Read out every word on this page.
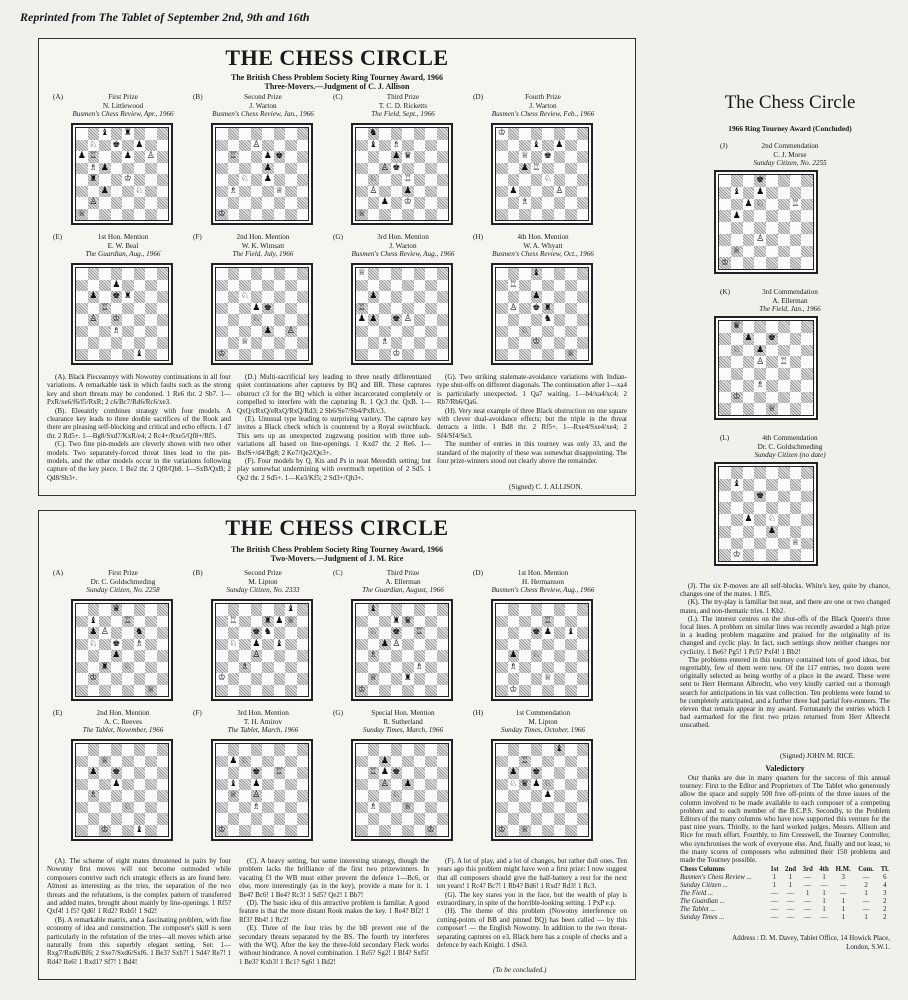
Reprinted from The Tablet of September 2nd, 9th and 16th
THE CHESS CIRCLE
The British Chess Problem Society Ring Tourney Award, 1966
Three-Movers.—Judgment of C. J. Allison

(A). Black Pieceannyy with Nowotny continuations in all four variations. A remarkable task in which faults such as the strong key and short threats may be condoned. 1 Re6 thr. 2 Sb7. 1—PxR/xe6/f6/f5/RxR; 2 c6/Bc7/Rd6/Rc6/xe3.

(B). Eleeantly combines strategy with four models. A clearance key leads to three double sacrifices of the Rook and there are pleasing self-blocking and critical and echo effects. 1 d7 thr. 2 Rd5+. 1—Bg8/Sxd7/KxR/e4; 2 Rc4+/Rxe5/Qf8+/Rf5.

(C). Two fine pin-models are cleverly shown with two other models. Two separately-forced threat lines lead to the pin-models, and the other models occur in the variations following capture of the key piece. 1 Be2 thr. 2 Qf8/Qb8. 1—SxB/QxB; 2 Qd8/Sb3+.

(D.) Multi-sacrificial key leading to three neatly differentiated quiet continuations after captures by BQ and BR. These captures obstruct c3 for the BQ which is either incarcerated completely or compelled to interfere with the capturing R. 1 Qc3 thr. QxB. 1—QxQ/cRxQ/eRxQ/RxQ/Rd3; 2 Sb6/Se7/Sb4/PxR/c3.

(E). Unusual type leading to surprising variety. The capture key invites a Black check which is countered by a Royal switchback. This sets up an unexpected zugzwang position with three sub-variations all based on line-openings. 1 Kxd7 thr. 2 Re6. 1—BxfS+/d4/Bg8; 2 Ke7/Qe2/Qe3+.

(F). Four models by Q, Kts and Ps in neat Meredith setting; but play somewhat undermining with overmuch repetition of 2 Sd5. 1 Qe2 thr. 2 Sd5+. 1—Ke3/Kf5; 2 Sd3+/Qh3+.

(G). Two striking stalemate-avoidance variations with Indian-type shut-offs on different diagonals. The continuation after 1—xa4 is particularly unexpected. 1 Qa7 waiting. 1—b4/xa4/xc4; 2 Rb7/Rb6/Qa6.

(H). Very neat example of three Black obstruction on one square with clever dual-avoidance effects; but the triple in the threat detracts a little. 1 Bd8 thr. 2 Rf5+. 1—Rxe4/Sxe4/xe4; 2 Sf4/Sf4/Se3.

The number of entries in this tourney was only 33, and the standard of the majority of these was somewhat disappointing. The four prize-winners stood out clearly above the remainder.

(Signed) C. J. ALLISON.
(A)	First Prize
N. Littlewood
Busmen's Chess Review, Apr., 1966
♝ ♜
♘ ♚ ♟
♟ ♖	♟ ♙
♗ ♟
♜	♔
♟	♘
♙
♕
(B)	Second Prize
J. Warton
Busmen's Chess Review, Jan., 1966
♙
♖	♟ ♚
♟
♘ ♟
♗	♕
♔
(C)	Third Prize
T. C. D. Ricketts
The Field, Sept., 1966
♞
♝ ♗
♟ ♛
♙ ♚
♘	♖
♙	♟
♟ ♔
♕
(D)	Fourth Prize
J. Warton
Busmen's Chess Review, Feb., 1966
♔
♝ ♟
♕ ♚
♟ ♖
♘
♟	♙
♗
(E)	1st Hon. Mention
E. W. Beal
The Guardian, Aug., 1966
♟
♟ ♚ ♜
♖
♙ ♔
♗
♝
(F)	2nd Hon. Mention
W. K. Wimsatt
The Field, July, 1966
♘
♟ ♚
♘
♟ ♙
♕
♔
(G)	3rd Hon. Mention
J. Warton
Busmen's Chess Review, Aug., 1966
♕
♟
♖
♟ ♟ ♚ ♙
♗
♔
(H)	4th Hon. Mention
W. A. Whyatt
Busmen's Chess Review, Oct., 1966
♝
♖
♟
♙ ♚ ♜
♞
♘
♔
♕
THE CHESS CIRCLE
The British Chess Problem Society Ring Tourney Award, 1966
Two-Movers.—Judgment of J. M. Rice

(A). The scheme of eight mates threatened in pairs by four Nowotny first moves will not become outmoded while composers contrive such rich strategic effects as are found here. Almost as interesting as the tries, the separation of the two threats and the refutations, is the complex pattern of transferred and added mates, brought about mainly by line-openings. 1 Rf5? Qxf4! 1 f5? Qd6! 1 Rd2? Rxb5! 1 Sd2!

(B). A remarkable matrix, and a fascinating problem, with fine economy of idea and construction. The composer's skill is seen particularly in the refutation of the tries—all moves which arise naturally from this superbly elegant setting. Set: 1—Rxg7/Rxd6/Bf6; 2 Sxe7/Sxd6/Sxf6. 1 Be3? Sxh7! 1 Sd4? Re7! 1 Rd4? Re6! 1 Rxd1? Sf7! 1 Bd4!

(C). A heavy setting, but some interesting strategy, though the problem lacks the brilliance of the first two prizewinners. In vacating f3 the WB must either prevent the defence 1—Bc6, or else, more interestingly (as in the key), provide a mate for it. 1 Be4? Bc6! 1 Be4? Rc3! 1 Sd5? Qe2! 1 Bb7!

(D). The basic idea of this attractive problem is familiar. A good feature is that the more distant Rook makes the key. 1 Re4? Bf2! 1 Rf3? Bb4! 1 Rc2!

(E). Three of the four tries by the bB prevent one of the secondary threats separated by the BS. The fourth try interferes with the WQ. After the key the three-fold secondary Fleck works without hindrance. A novel combination. 1 Re5? Sg2! 1 Bf4? Sxf5! 1 Be3? Kxh3! 1 Bc1? Sg6! 1 Bd2!

(F). A lot of play, and a lot of changes, but rather dull ones. Ten years ago this problem might have won a first prize: I now suggest that all composers should give the half-battery a rest for the next ten years! 1 Rc4? Bc7! 1 Rb4? Bd6! 1 Rxd? Rd3! 1 Rc3.

(G). The key stares you in the face, but the wealth of play is extraordinary, in spite of the horrible-looking setting. 1 PxP e.p.

(H). The theme of this problem (Nowotny interference on cutting-points of BB and pinned BQ) has been called — by this composer! — the English Nowotny. In addition to the two threat-separating captures on e3, Black here has a couple of checks and a defence by each Knight. 1 dSe3.

(To be concluded.)
(A)	First Prize
Dr. C. Goldschmeding
Sunday Citizen, No. 2258
♛
♝	♖
♟ ♙	♞
♘ ♚ ♗
♟
♜ ♘
♔
♕
(B)	Second Prize
M. Lipton
Sunday Citizen, No. 2333
♝
♖	♜ ♟ ♕
♚ ♞
♘ ♟ ♝
♙
♗
♔
(C)	Third Prize
A. Ellerman
The Guardian, August, 1966
♝
♜ ♛
♘ ♚ ♖
♟ ♙
♗
♗
♕	♜
♔
(D)	1st Hon. Mention
H. Hermanson
Busmen's Chess Review, Aug., 1966
♖
♚ ♟ ♝
♟ ♘
♗
♕
♔
(E)	2nd Hon. Mention
A. C. Reeves
The Tablet, November, 1966
♕
♟ ♚
♟
♗
♘
♔	♝
(F)	3rd Hon. Mention
T. H. Amirov
The Tablet, March, 1966
♟ ♘
♚ ♖
♝ ♟
♕ ♙
♗
♔
(G)	Special Hon. Mention
R. Sutherland
Sunday Times, March, 1966
♟
♖ ♟ ♚
♙ ♟
♘
♗	♕
♔
(H)	1st Commendation
M. Lipton
Sunday Times, October, 1966
♝
♖
♟ ♚
♘ ♛ ♟ ♘
♟
♔ ♕
The Chess Circle
1966 Ring Tourney Award (Concluded)

(J). The six P-moves are all self-blocks. White's key, quite by chance, changes one of the mates. 1 Rf5.

(K). The try-play is familiar but neat, and there are one or two changed mates, and non-thematic tries. 1 Kb2.

(L). The interest centres on the shut-offs of the Black Queen's three focal lines. A problem on similar lines was recently awarded a high prize in a leading problem magazine and praised for the originality of its changed and cyclic play. In fact, such settings show neither changes nor cyclicity. 1 Be6? Pg5! 1 Pc5? Pxf4! 1 Bb2!

The problems entered in this tourney contained lots of good ideas, but regrettably, few of them were new. Of the 117 entries, two dozen were originally selected as being worthy of a place in the award. These were sent to Herr Hermann Albrecht, who very kindly carried out a thorough search for anticipations in his vast collection. Ten problems were found to be completely anticipated, and a further three had partial fore-runners. The eleven that remain appear in my award. Fortunately the entries which I had earmarked for the first two prizes returned from Herr Albrecht unscathed.

(Signed) JOHN M. RICE.
Valedictory

Our thanks are due in many quarters for the success of this annual tourney: First to the Editor and Proprietors of The Tablet who generously allow the space and supply 500 free off-prints of the three issues of the column involved to be made available to each composer of a competing problem and to each member of the B.C.P.S. Secondly, to the Problem Editors of the many columns who have now supported this venture for the past nine years. Thirdly, to the hard worked judges, Messrs. Allison and Rice for much effort. Fourthly, to Jim Cresswell, the Tourney Controller, who synchronises the work of everyone else. And, finally and not least, to the many scores of composers who submitted their 150 problems and made the Tourney possible.

Chess Columns	1st	2nd	3rd	4th	H.M.	Com.	Tl.
Busmen's Chess Review ...	1	1	—	1	3	—	6
Sunday Citizen ...	1	1	—	—	—	2	4
The Field ...	—	—	1	1	—	1	3
The Guardian ...	—	—	—	1	1	—	2
The Tablet ...	—	—	—	1	1	—	2
Sunday Times ...	—	—	—	—	1	1	2
Address : D. M. Davey, Tablet Office, 14 Howick Place,
London, S.W.1.
(J)	2nd Commendation
C. J. Morse
Sunday Citizen, No. 2255
♚
♝ ♟
♟ ♘	♖
♟
♙
♕
♔
(K)	3rd Commendation
A. Ellerman
The Field, Jan., 1966
♛
♟ ♚
♘ ♟
♙ ♖
♗
♔
♕
(L)	4th Commendation
Dr. C. Goldschmeding
Sunday Citizen (no date)
♝
♚
♟ ♘
♟
♕
♔
